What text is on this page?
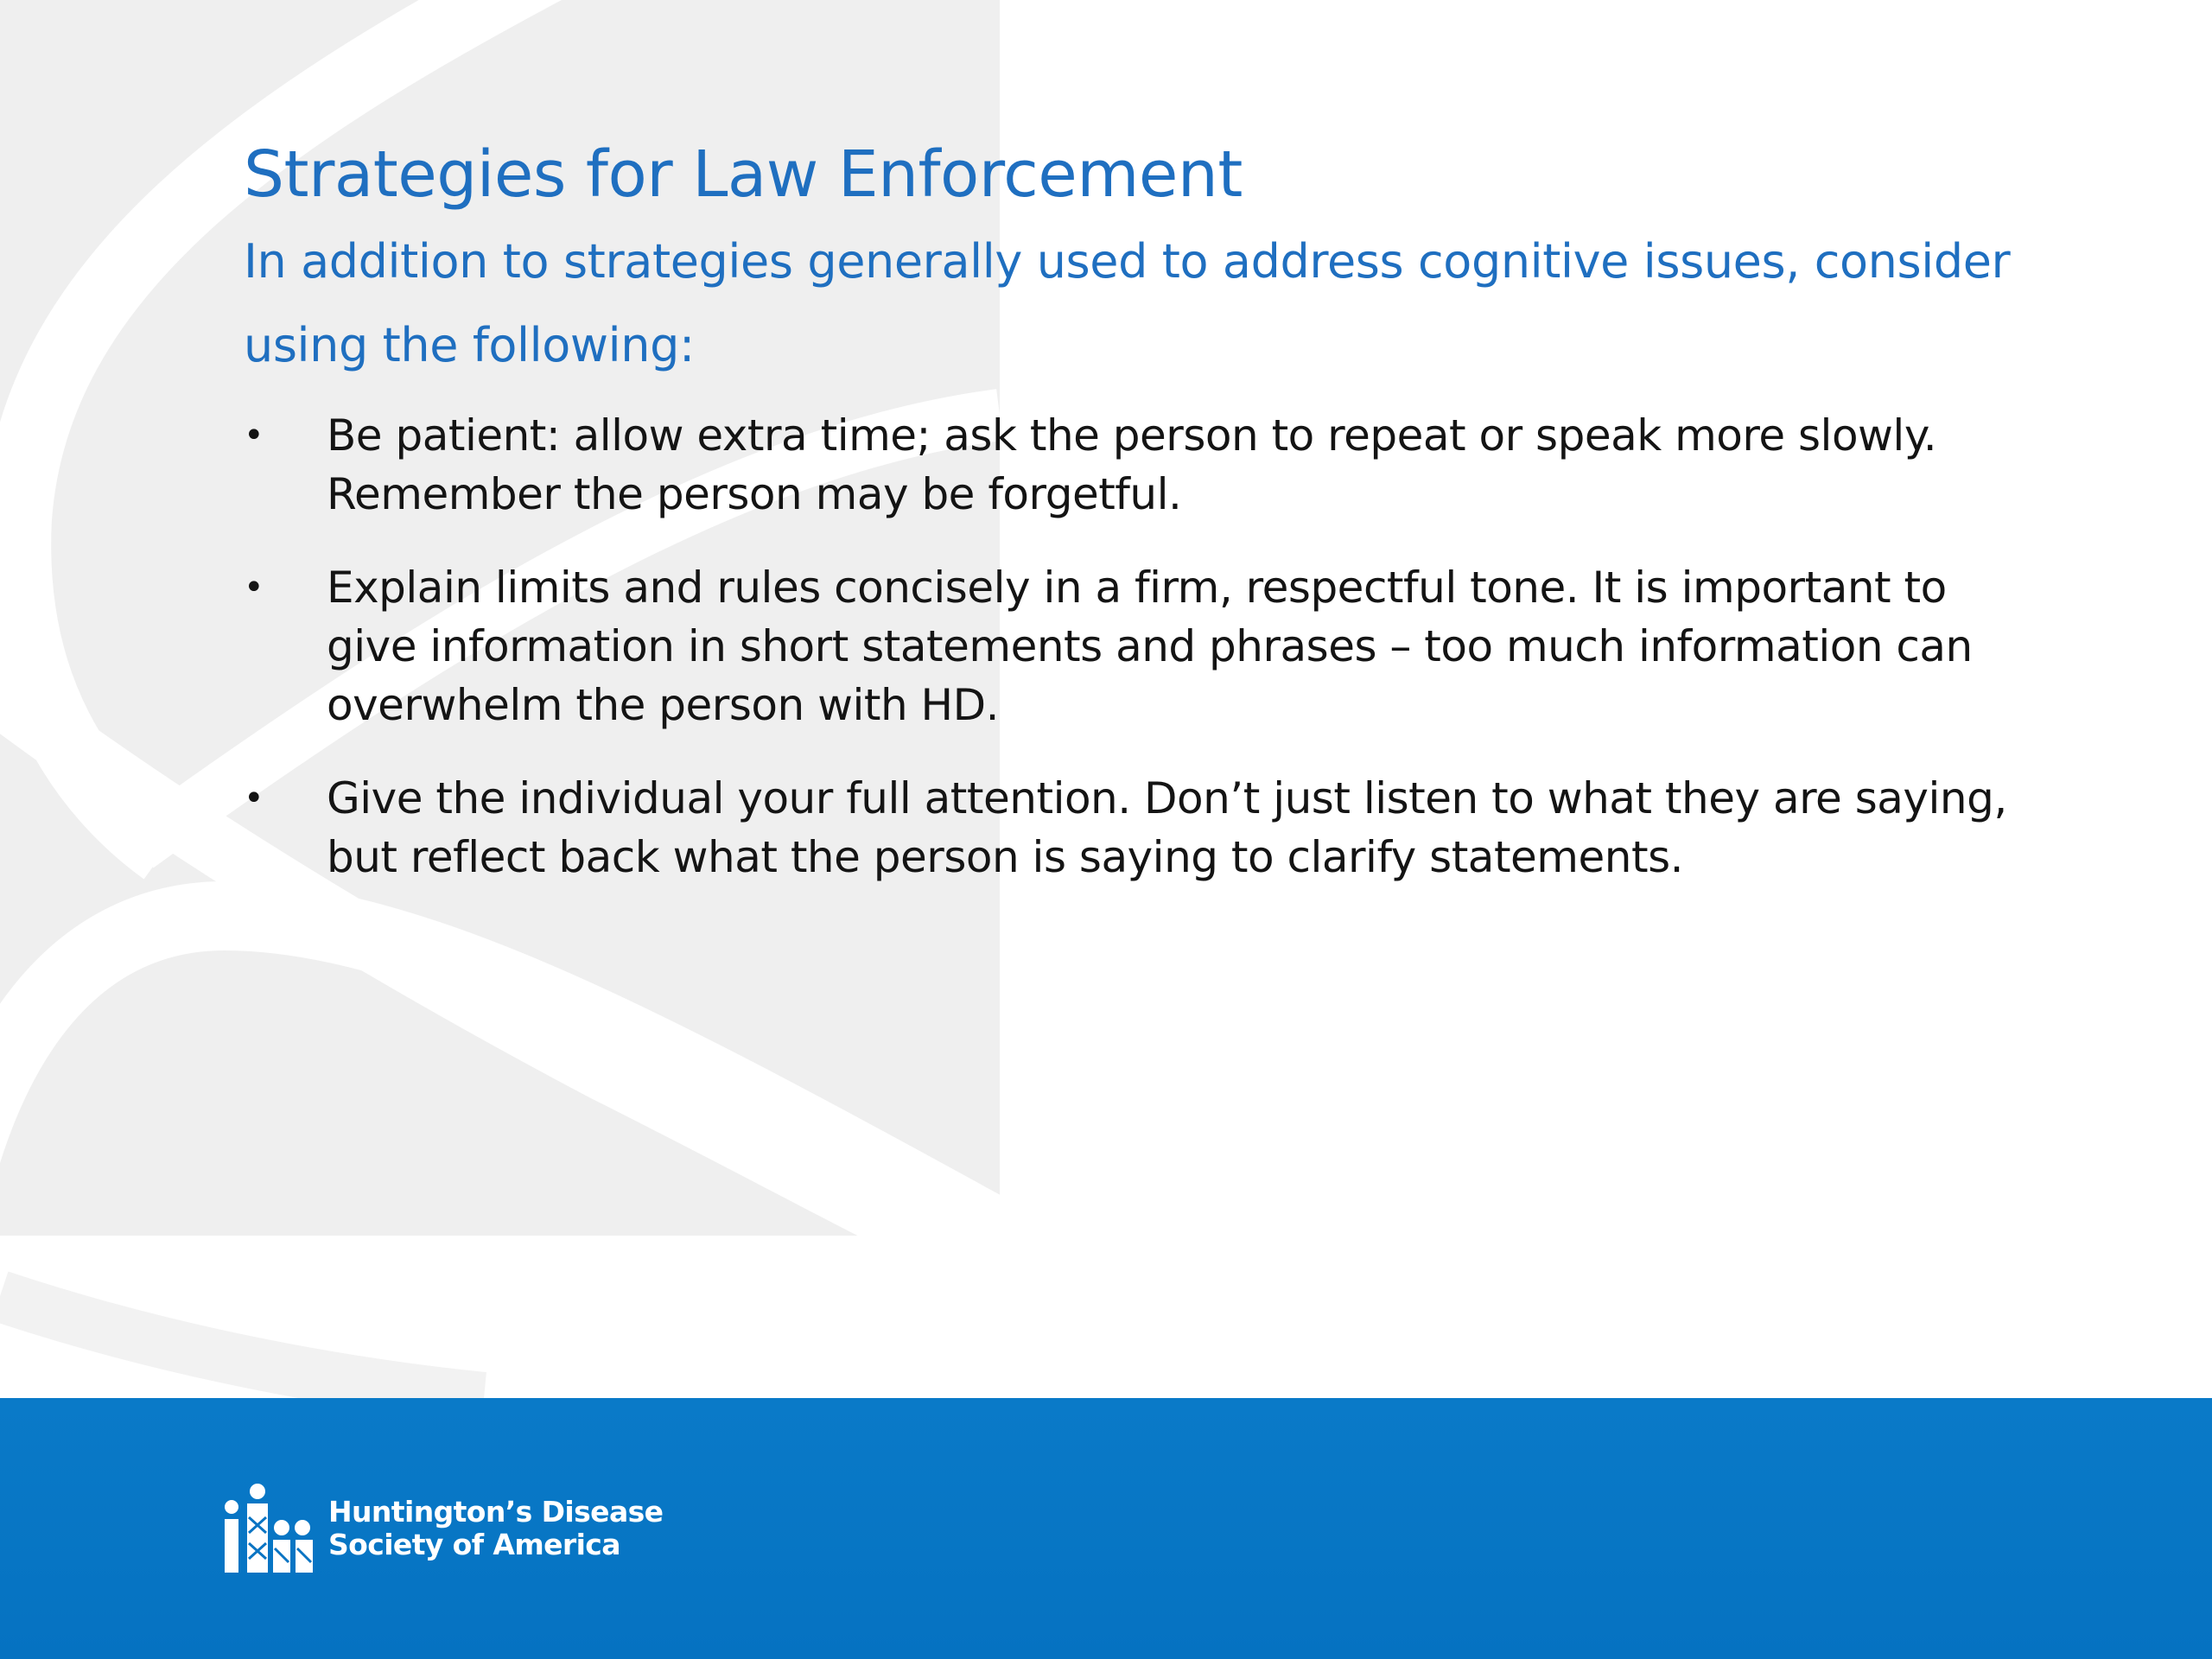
Strategies for Law Enforcement

In addition to strategies generally used to address cognitive issues, consider using the following:

• Be patient: allow extra time; ask the person to repeat or speak more slowly. Remember the person may be forgetful.
• Explain limits and rules concisely in a firm, respectful tone. It is important to give information in short statements and phrases – too much information can overwhelm the person with HD.
• Give the individual your full attention. Don’t just listen to what they are saying, but reflect back what the person is saying to clarify statements.
Huntington’s Disease
Society of America
